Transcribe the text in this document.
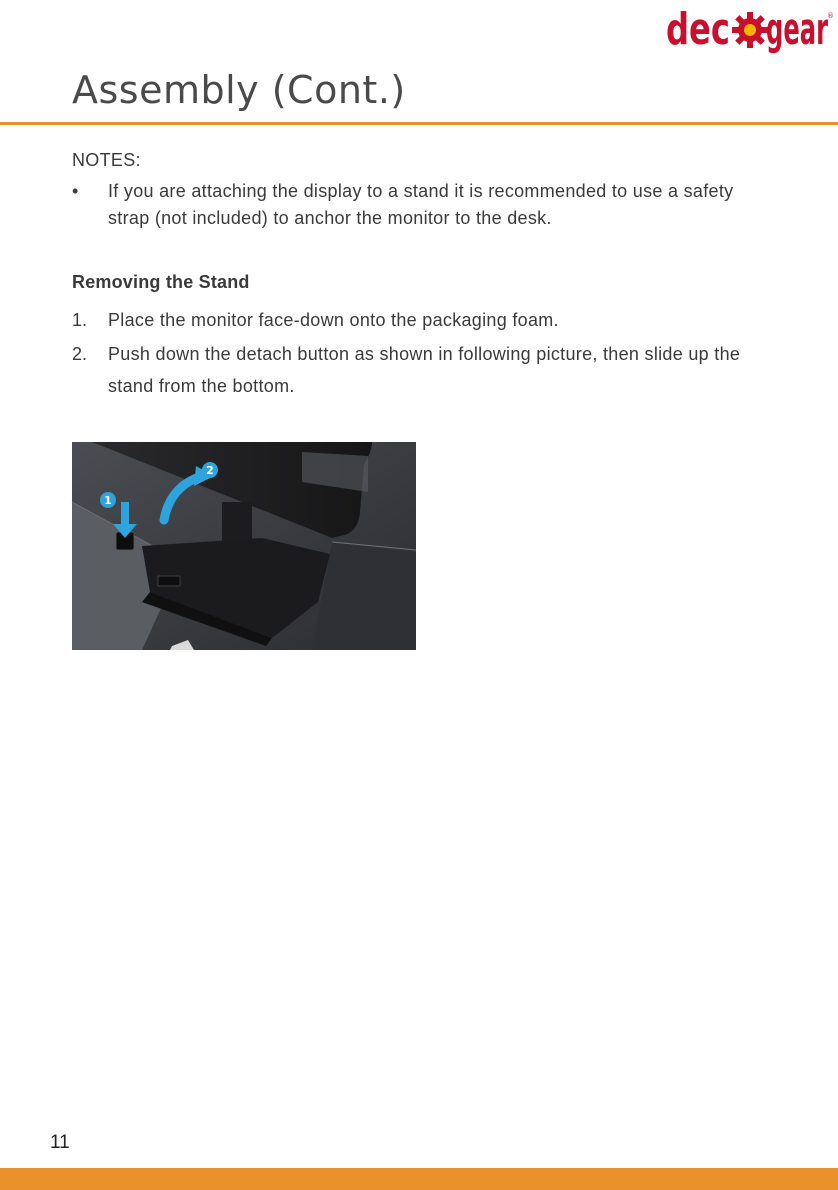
dec gear
®
Assembly (Cont.)
NOTES:
• If you are attaching the display to a stand it is recommended to use a safety strap (not included) to anchor the monitor to the desk.
Removing the Stand
1. Place the monitor face-down onto the packaging foam.
2. Push down the detach button as shown in following picture, then slide up the stand from the bottom.
1
2
11
